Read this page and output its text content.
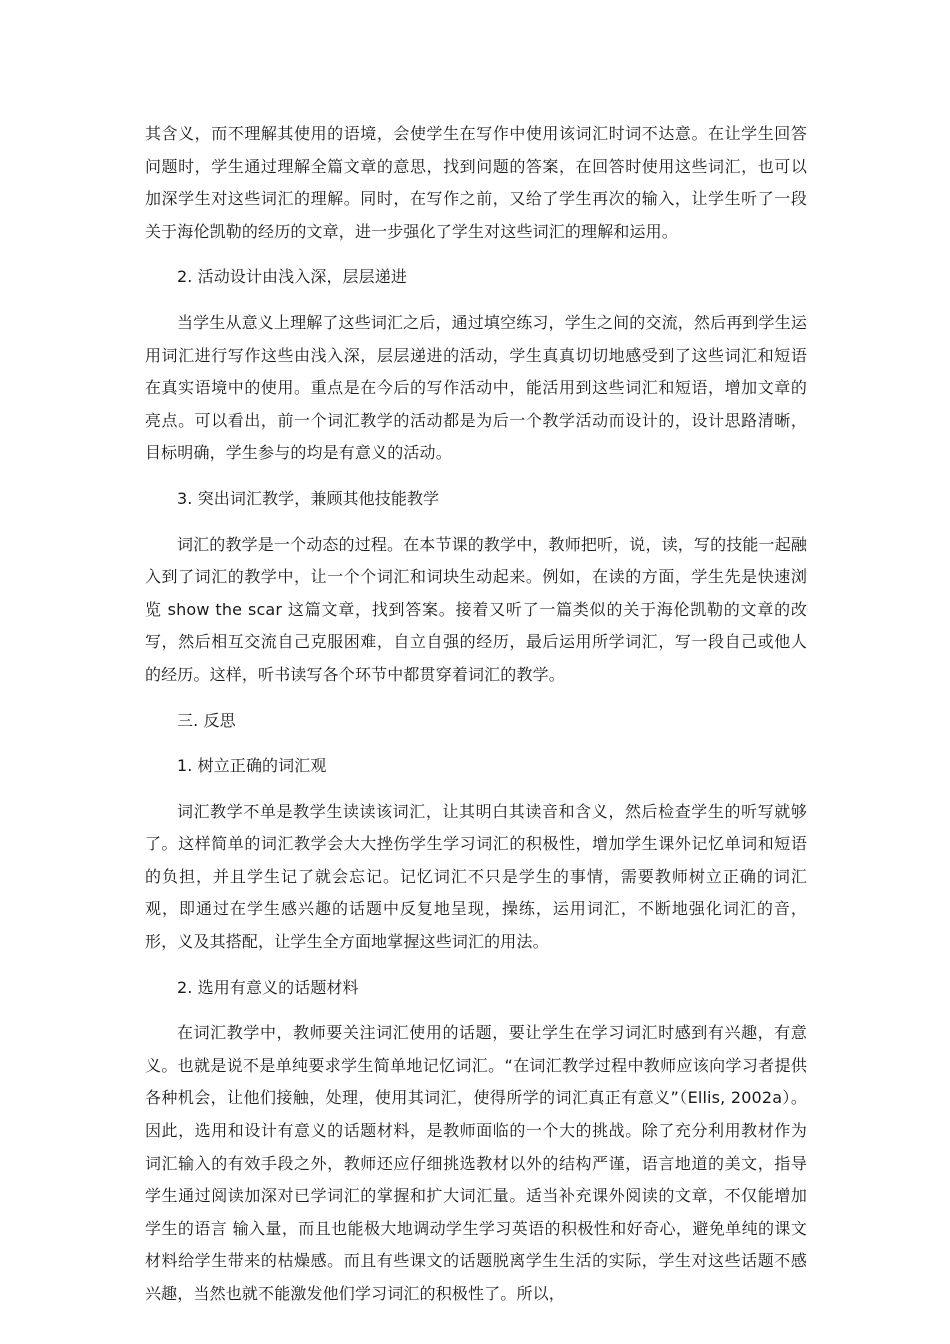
其含义，而不理解其使用的语境，会使学生在写作中使用该词汇时词不达意。在让学生回答问题时，学生通过理解全篇文章的意思，找到问题的答案，在回答时使用这些词汇，也可以加深学生对这些词汇的理解。同时，在写作之前，又给了学生再次的输入，让学生听了一段关于海伦凯勒的经历的文章，进一步强化了学生对这些词汇的理解和运用。

2. 活动设计由浅入深，层层递进

当学生从意义上理解了这些词汇之后，通过填空练习，学生之间的交流，然后再到学生运用词汇进行写作这些由浅入深，层层递进的活动，学生真真切切地感受到了这些词汇和短语在真实语境中的使用。重点是在今后的写作活动中，能活用到这些词汇和短语，增加文章的亮点。可以看出，前一个词汇教学的活动都是为后一个教学活动而设计的，设计思路清晰，目标明确，学生参与的均是有意义的活动。

3. 突出词汇教学，兼顾其他技能教学

词汇的教学是一个动态的过程。在本节课的教学中，教师把听，说，读，写的技能一起融入到了词汇的教学中，让一个个词汇和词块生动起来。例如，在读的方面，学生先是快速浏览 show the scar 这篇文章，找到答案。接着又听了一篇类似的关于海伦凯勒的文章的改写，然后相互交流自己克服困难，自立自强的经历，最后运用所学词汇，写一段自己或他人的经历。这样，听书读写各个环节中都贯穿着词汇的教学。

三. 反思

1. 树立正确的词汇观

词汇教学不单是教学生读读该词汇，让其明白其读音和含义，然后检查学生的听写就够了。这样简单的词汇教学会大大挫伤学生学习词汇的积极性，增加学生课外记忆单词和短语的负担，并且学生记了就会忘记。记忆词汇不只是学生的事情，需要教师树立正确的词汇观，即通过在学生感兴趣的话题中反复地呈现，操练，运用词汇，不断地强化词汇的音，形，义及其搭配，让学生全方面地掌握这些词汇的用法。

2. 选用有意义的话题材料

在词汇教学中，教师要关注词汇使用的话题，要让学生在学习词汇时感到有兴趣，有意义。也就是说不是单纯要求学生简单地记忆词汇。“在词汇教学过程中教师应该向学习者提供各种机会，让他们接触，处理，使用其词汇，使得所学的词汇真正有意义”（Ellis, 2002a）。因此，选用和设计有意义的话题材料，是教师面临的一个大的挑战。除了充分利用教材作为词汇输入的有效手段之外，教师还应仔细挑选教材以外的结构严谨，语言地道的美文，指导学生通过阅读加深对已学词汇的掌握和扩大词汇量。适当补充课外阅读的文章，不仅能增加学生的语言 输入量，而且也能极大地调动学生学习英语的积极性和好奇心，避免单纯的课文材料给学生带来的枯燥感。而且有些课文的话题脱离学生生活的实际，学生对这些话题不感兴趣，当然也就不能激发他们学习词汇的积极性了。所以，
